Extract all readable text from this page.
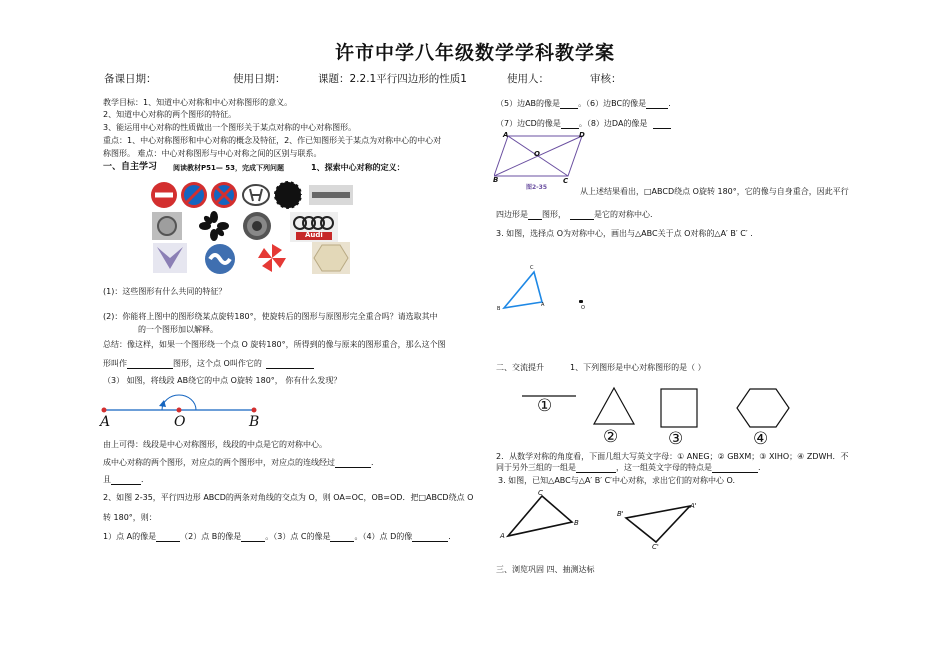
许市中学八年级数学学科教学案
备课日期：	使用日期：	课题：2.2.1平行四边形的性质1	使用人：	审核：
教学目标：1、知道中心对称和中心对称图形的意义。
2、知道中心对称的两个图形的特征。
3、能运用中心对称的性质做出一个图形关于某点对称的中心对称图形。
重点：1、中心对称图形和中心对称的概念及特征，2、作已知图形关于某点为对称中心的中心对
称图形。 难点：中心对称图形与中心对称之间的区别与联系。
一、自主学习 阅读教材P51— 53，完成下列问题	1、探索中心对称的定义：
Audi
(1)：这些图形有什么共同的特征？
(2)：你能将上图中的图形绕某点旋转180°，使旋转后的图形与原图形完全重合吗？请选取其中
的一个图形加以解释。
总结：像这样，如果一个图形绕一个点 O 旋转180°，所得到的像与原来的图形重合，那么这个图
形叫作	图形，这个点 O叫作它的
（3） 如图，将线段 AB绕它的中点 O旋转 180°， 你有什么发现？
A	O	B
由上可得：线段是中心对称图形，线段的中点是它的对称中心。
成中心对称的两个图形，对应点的两个图形中，对应点的连线经过	．
且	．
2、如图 2-35，平行四边形 ABCD的两条对角线的交点为 O，则 OA=OC，OB=OD．把□ABCD绕点 O
转 180°，则：
1）点 A的像是	（2）点 B的像是	。（3）点 C的像是	。（4）点 D的像	．
（5）边AB的像是 。（6）边BC的像是	.
（7）边CD的像是 。（8）边DA的像是
A
B	C
D
O
图2-35	从上述结果看出，□ABCD绕点 O旋转 180°，它的像与自身重合，因此平行
四边形是 图形，	是它的对称中心.
3. 如图，选择点 O为对称中心，画出与△ABC关于点 O对称的△A′ B′ C′ .
C
B
A	O
二、交流提升	1、下列图形是中心对称图形的是（ ）
①
②	③	④
2．从数学对称的角度看，下面几组大写英文字母：① ANEG；② GBXM；③ XIHO；④ ZDWH．不
同于另外三组的一组是	，这一组英文字母的特点是	.
3. 如图，已知△ABC与△A′ B′ C′中心对称，求出它们的对称中心 O.
C
B
A
B'
A'
C'
三、浏览巩固 四、抽测达标
